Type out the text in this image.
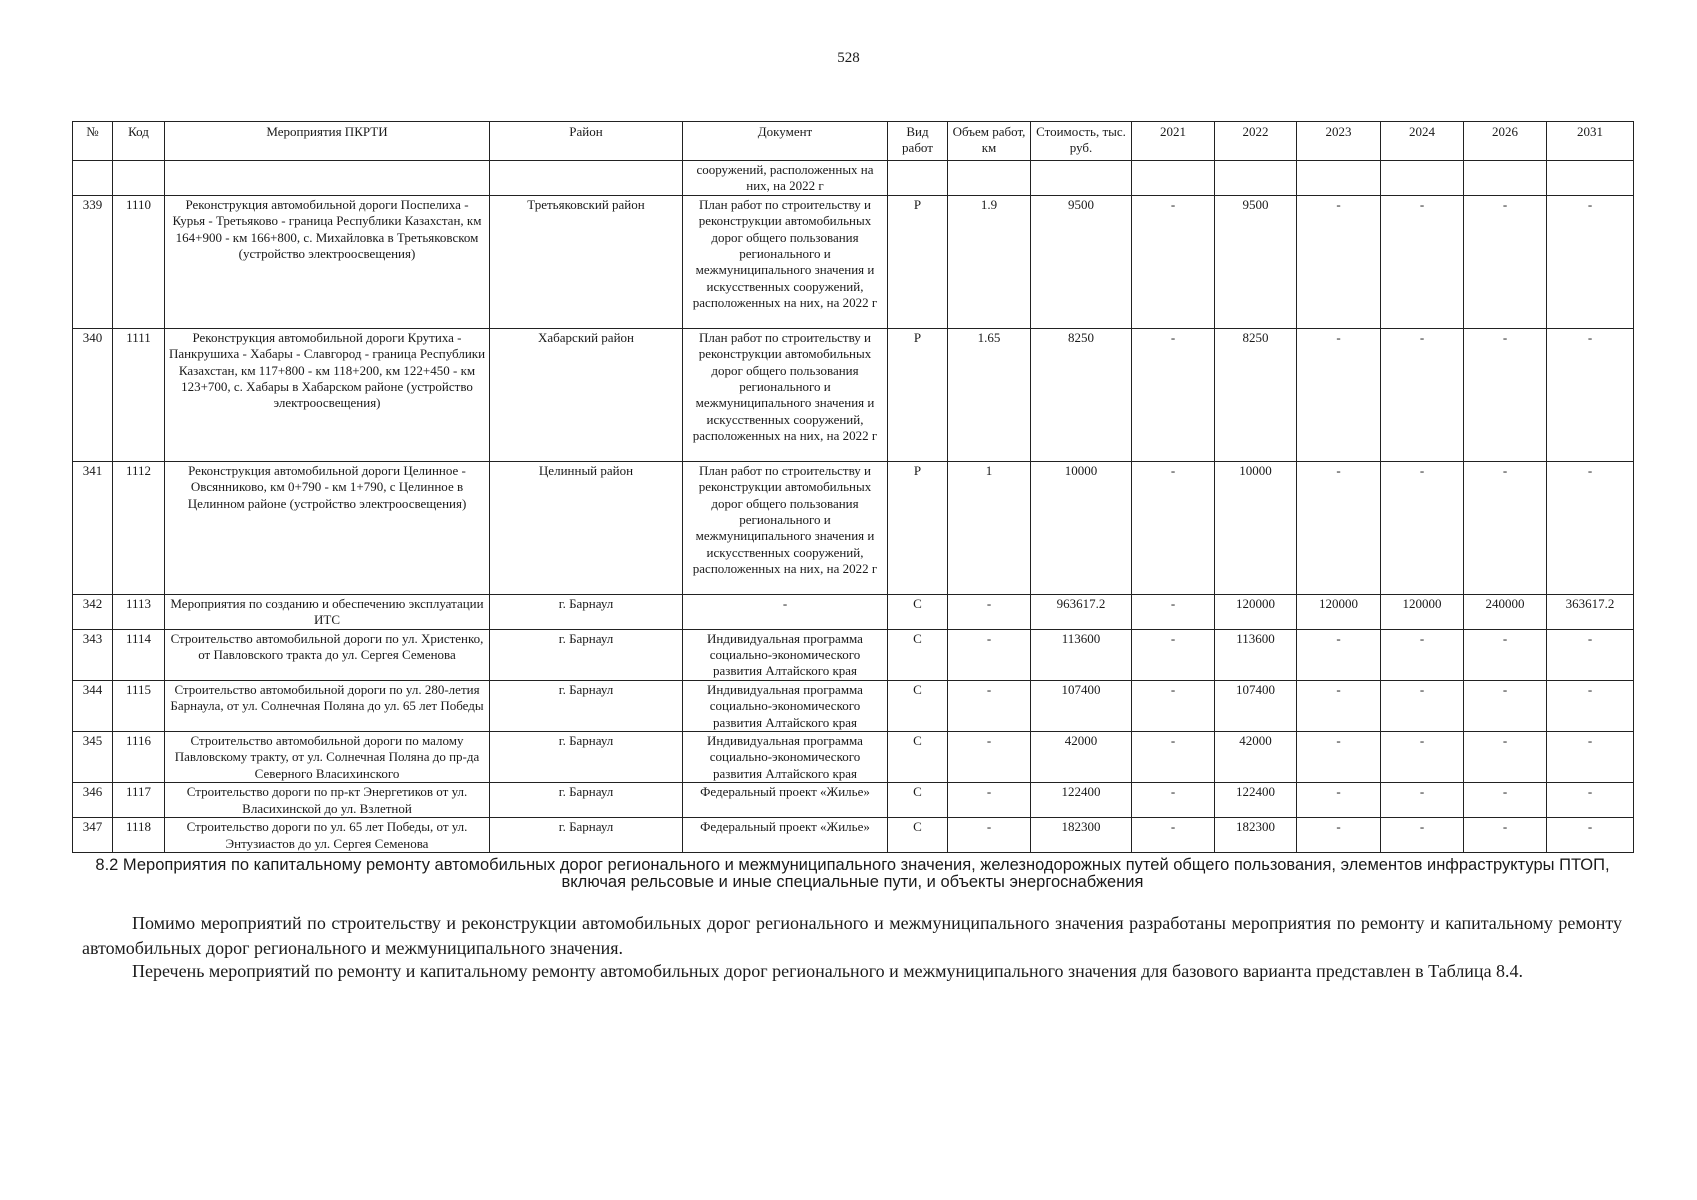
528
№	Код	Мероприятия ПКРТИ	Район	Документ	Вид работ	Объем работ, км	Стоимость, тыс. руб.	2021	2022	2023	2024	2026	2031
				сооружений, расположенных на них, на 2022 г									
339	1110	Реконструкция автомобильной дороги Поспелиха - Курья - Третьяково - граница Республики Казахстан, км 164+900 - км 166+800, с. Михайловка в Третьяковском (устройство электроосвещения)	Третьяковский район	План работ по строительству и реконструкции автомобильных дорог общего пользования регионального и межмуниципального значения и искусственных сооружений, расположенных на них, на 2022 г	Р	1.9	9500	-	9500	-	-	-	-
340	1111	Реконструкция автомобильной дороги Крутиха - Панкрушиха - Хабары - Славгород - граница Республики Казахстан, км 117+800 - км 118+200, км 122+450 - км 123+700, с. Хабары в Хабарском районе (устройство электроосвещения)	Хабарский район	План работ по строительству и реконструкции автомобильных дорог общего пользования регионального и межмуниципального значения и искусственных сооружений, расположенных на них, на 2022 г	Р	1.65	8250	-	8250	-	-	-	-
341	1112	Реконструкция автомобильной дороги Целинное - Овсянниково, км 0+790 - км 1+790, с Целинное в Целинном районе (устройство электроосвещения)	Целинный район	План работ по строительству и реконструкции автомобильных дорог общего пользования регионального и межмуниципального значения и искусственных сооружений, расположенных на них, на 2022 г	Р	1	10000	-	10000	-	-	-	-
342	1113	Мероприятия по созданию и обеспечению эксплуатации ИТС	г. Барнаул	-	С	-	963617.2	-	120000	120000	120000	240000	363617.2
343	1114	Строительство автомобильной дороги по ул. Христенко, от Павловского тракта до ул. Сергея Семенова	г. Барнаул	Индивидуальная программа социально-экономического развития Алтайского края	С	-	113600	-	113600	-	-	-	-
344	1115	Строительство автомобильной дороги по ул. 280-летия Барнаула, от ул. Солнечная Поляна до ул. 65 лет Победы	г. Барнаул	Индивидуальная программа социально-экономического развития Алтайского края	С	-	107400	-	107400	-	-	-	-
345	1116	Строительство автомобильной дороги по малому Павловскому тракту, от ул. Солнечная Поляна до пр-да Северного Власихинского	г. Барнаул	Индивидуальная программа социально-экономического развития Алтайского края	С	-	42000	-	42000	-	-	-	-
346	1117	Строительство дороги по пр-кт Энергетиков от ул. Власихинской до ул. Взлетной	г. Барнаул	Федеральный проект «Жилье»	С	-	122400	-	122400	-	-	-	-
347	1118	Строительство дороги по ул. 65 лет Победы, от ул. Энтузиастов до ул. Сергея Семенова	г. Барнаул	Федеральный проект «Жилье»	С	-	182300	-	182300	-	-	-	-
8.2 Мероприятия по капитальному ремонту автомобильных дорог регионального и межмуниципального значения, железнодорожных путей общего пользования, элементов инфраструктуры ПТОП, включая рельсовые и иные специальные пути, и объекты энергоснабжения

Помимо мероприятий по строительству и реконструкции автомобильных дорог регионального и межмуниципального значения разработаны мероприятия по ремонту и капитальному ремонту автомобильных дорог регионального и межмуниципального значения.

Перечень мероприятий по ремонту и капитальному ремонту автомобильных дорог регионального и межмуниципального значения для базового варианта представлен в Таблица 8.4.
